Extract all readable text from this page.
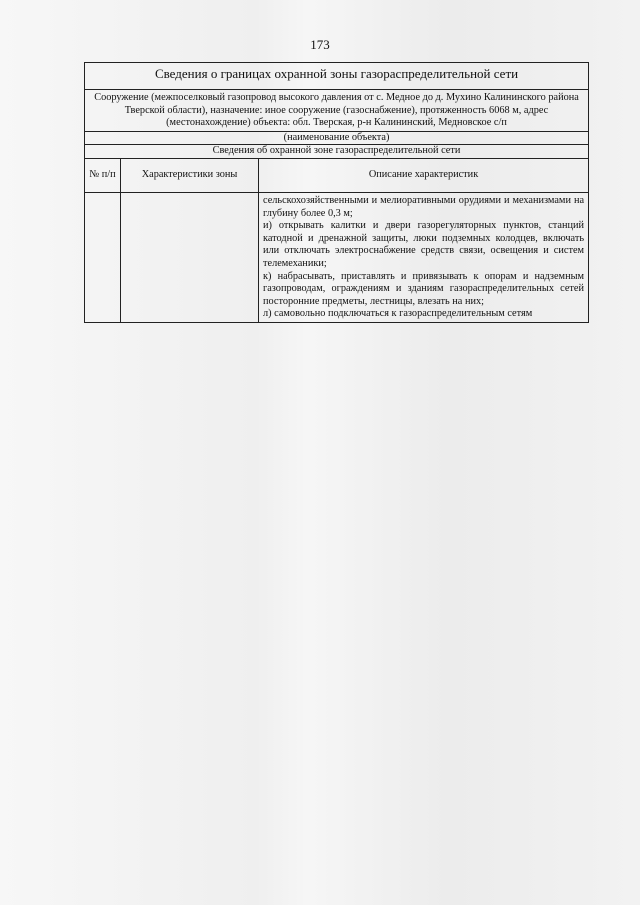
173
Сведения о границах охранной зоны газораспределительной сети		
Сооружение (межпоселковый газопровод высокого давления от с. Медное до д. Мухино Калининского района Тверской области), назначение: иное сооружение (газоснабжение), протяженность 6068 м, адрес (местонахождение) объекта: обл. Тверская, р-н Калининский, Медновское с/п		
(наименование объекта)		
Сведения об охранной зоне газораспределительной сети		
№ п/п	Характеристики зоны	Описание характеристик

		сельскохозяйственными и мелиоративными орудиями и механизмами на глубину более 0,3 м;

и) открывать калитки и двери газорегуляторных пунктов, станций катодной и дренажной защиты, люки подземных колодцев, включать или отключать электроснабжение средств связи, освещения и систем телемеханики;

к) набрасывать, приставлять и привязывать к опорам и надземным газопроводам, ограждениям и зданиям газораспределительных сетей посторонние предметы, лестницы, влезать на них;

л) самовольно подключаться к газораспределительным сетям
